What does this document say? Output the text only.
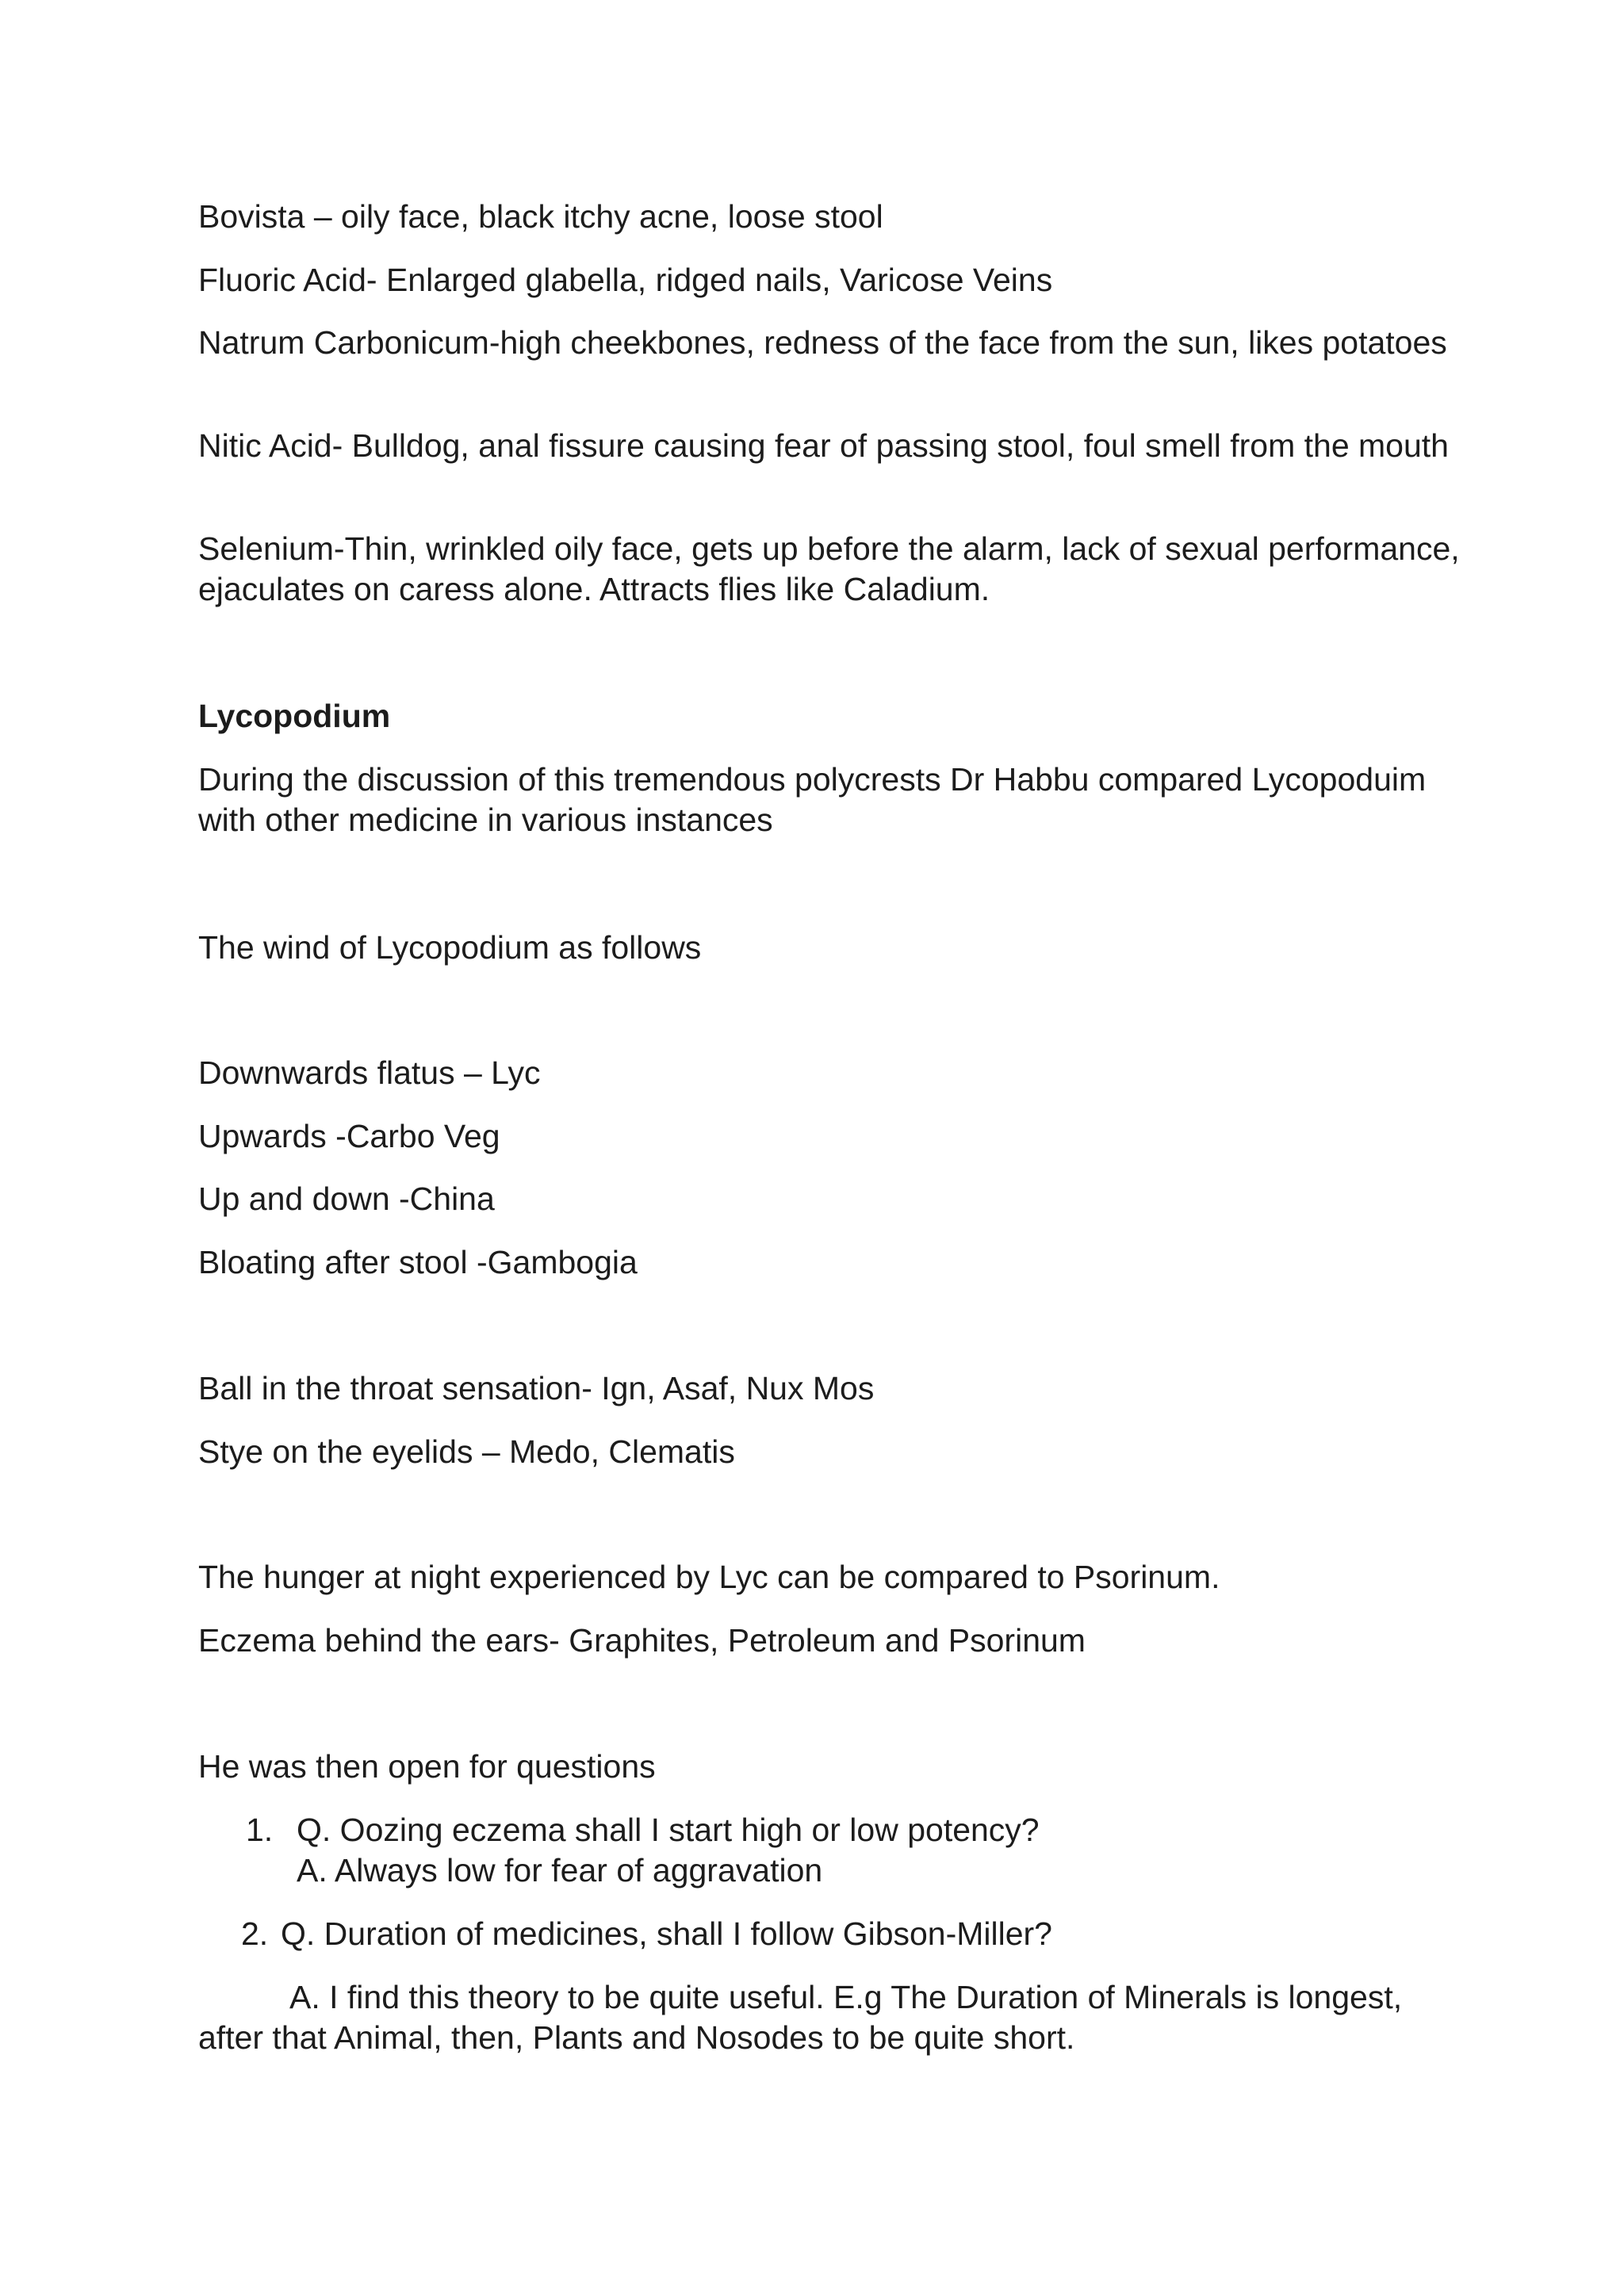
Bovista – oily face, black itchy acne, loose stool

Fluoric Acid- Enlarged glabella, ridged nails, Varicose Veins

Natrum Carbonicum-high cheekbones, redness of the face from the sun, likes potatoes

Nitic Acid- Bulldog, anal fissure causing fear of passing stool, foul smell from the mouth

Selenium-Thin, wrinkled oily face, gets up before the alarm, lack of sexual performance, ejaculates on caress alone. Attracts flies like Caladium.

Lycopodium

During the discussion of this tremendous polycrests Dr Habbu compared Lycopoduim with other medicine in various instances

The wind of Lycopodium as follows

Downwards flatus – Lyc

Upwards -Carbo Veg

Up and down -China

Bloating after stool -Gambogia

Ball in the throat sensation- Ign, Asaf, Nux Mos

Stye on the eyelids – Medo, Clematis

The hunger at night experienced by Lyc can be compared to Psorinum.

Eczema behind the ears- Graphites, Petroleum and Psorinum

He was then open for questions

1. Q. Oozing eczema shall I start high or low potency?
A. Always low for fear of aggravation
2. Q. Duration of medicines, shall I follow Gibson-Miller?

A. I find this theory to be quite useful. E.g The Duration of Minerals is longest, after that Animal, then, Plants and Nosodes to be quite short.
